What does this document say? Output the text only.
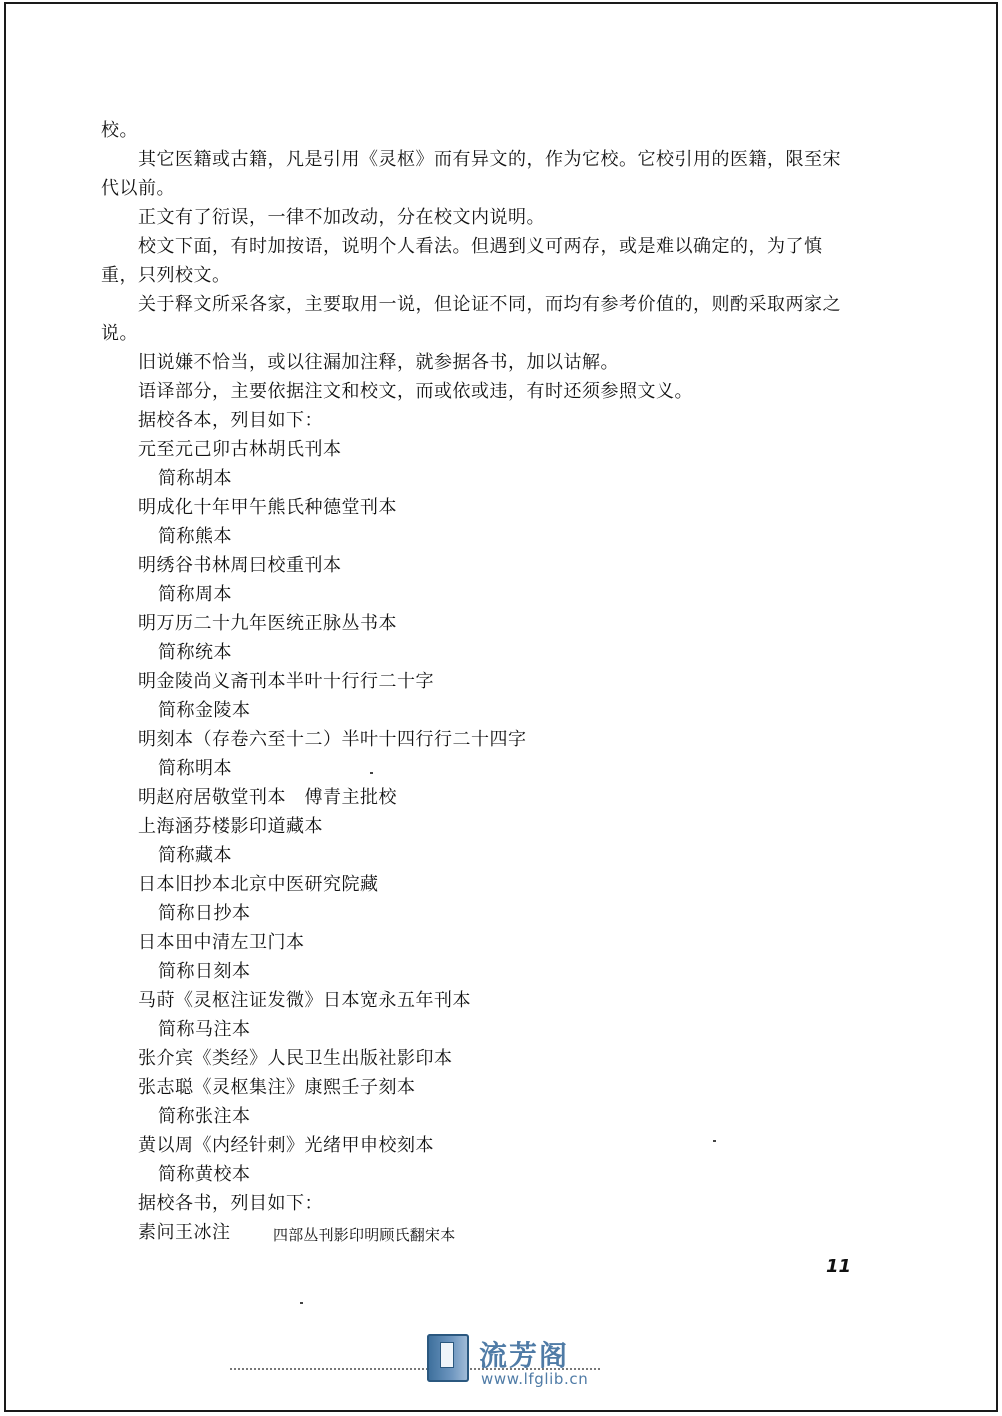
校。
其它医籍或古籍，凡是引用《灵枢》而有异文的，作为它校。它校引用的医籍，限至宋
代以前。
正文有了衍误，一律不加改动，分在校文内说明。
校文下面，有时加按语，说明个人看法。但遇到义可两存，或是难以确定的，为了慎
重，只列校文。
关于释文所采各家，主要取用一说，但论证不同，而均有参考价值的，则酌采取两家之
说。
旧说嫌不恰当，或以往漏加注释，就参据各书，加以诂解。
语译部分，主要依据注文和校文，而或依或违，有时还须参照文义。
据校各本，列目如下：
元至元己卯古林胡氏刊本
简称胡本
明成化十年甲午熊氏种德堂刊本
简称熊本
明绣谷书林周曰校重刊本
简称周本
明万历二十九年医统正脉丛书本
简称统本
明金陵尚义斋刊本半叶十行行二十字
简称金陵本
明刻本（存卷六至十二）半叶十四行行二十四字
简称明本
明赵府居敬堂刊本　傅青主批校
上海涵芬楼影印道藏本
简称藏本
日本旧抄本北京中医研究院藏
简称日抄本
日本田中清左卫门本
简称日刻本
马莳《灵枢注证发微》日本宽永五年刊本
简称马注本
张介宾《类经》人民卫生出版社影印本
张志聪《灵枢集注》康熙壬子刻本
简称张注本
黄以周《内经针刺》光绪甲申校刻本
简称黄校本
据校各书，列目如下：
素问王冰注	四部丛刊影印明顾氏翻宋本
11
流芳阁
www.lfglib.cn
